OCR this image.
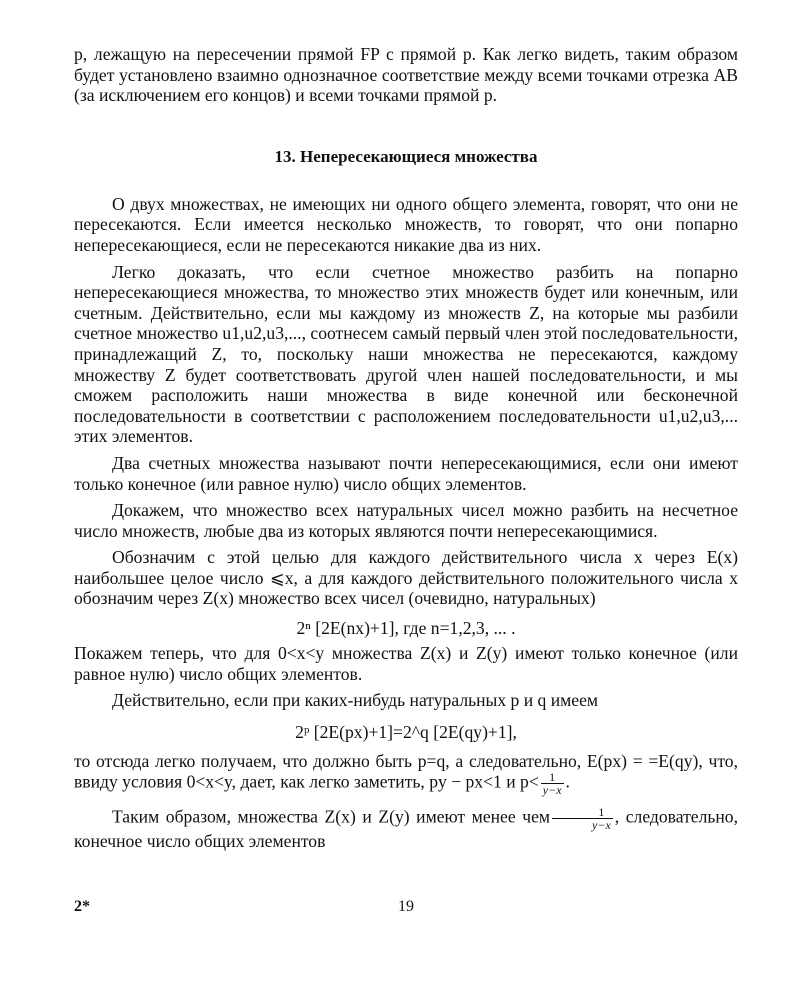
p, лежащую на пересечении прямой FP с прямой p. Как легко видеть, таким образом будет установлено взаимно однозначное соответствие между всеми точками отрезка AB (за исключением его концов) и всеми точками прямой p.

13. Непересекающиеся множества

О двух множествах, не имеющих ни одного общего элемента, говорят, что они не пересекаются. Если имеется несколько множеств, то говорят, что они попарно непересекающиеся, если не пересекаются никакие два из них.

Легко доказать, что если счетное множество разбить на попарно непересекающиеся множества, то множество этих множеств будет или конечным, или счетным. Действительно, если мы каждому из множеств Z, на которые мы разбили счетное множество u1,u2,u3,..., соотнесем самый первый член этой последовательности, принадлежащий Z, то, поскольку наши множества не пересекаются, каждому множеству Z будет соответствовать другой член нашей последовательности, и мы сможем расположить наши множества в виде конечной или бесконечной последовательности в соответствии с расположением последовательности u1,u2,u3,... этих элементов.

Два счетных множества называют почти непересекающимися, если они имеют только конечное (или равное нулю) число общих элементов.

Докажем, что множество всех натуральных чисел можно разбить на несчетное число множеств, любые два из которых являются почти непересекающимися.

Обозначим с этой целью для каждого действительного числа x через E(x) наибольшее целое число ⩽x, а для каждого действительного положительного числа x обозначим через Z(x) множество всех чисел (очевидно, натуральных)

2ⁿ [2E(nx)+1], где n=1,2,3, ... .

Покажем теперь, что для 0<x<y множества Z(x) и Z(y) имеют только конечное (или равное нулю) число общих элементов.

Действительно, если при каких-нибудь натуральных p и q имеем

2ᵖ [2E(px)+1]=2^q [2E(qy)+1],

то отсюда легко получаем, что должно быть p=q, а следовательно, E(px) = =E(qy), что, ввиду условия 0<x<y, дает, как легко заметить, py − px<1 и $p< \frac{1}{y-x}$ .

Таким образом, множества Z(x) и Z(y) имеют менее чем $\frac{1}{y-x}$ , следовательно, конечное число общих элементов

2*	19
